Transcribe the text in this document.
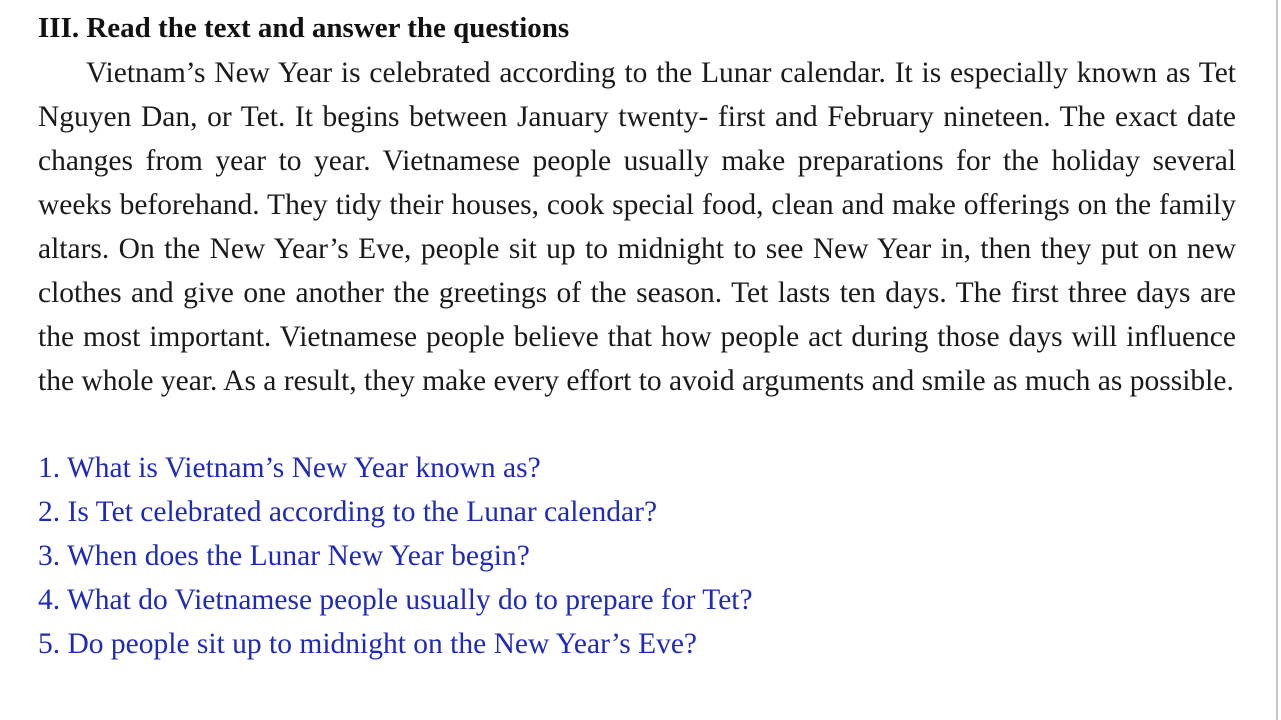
III. Read the text and answer the questions

Vietnam’s New Year is celebrated according to the Lunar calendar. It is especially known as Tet Nguyen Dan, or Tet. It begins between January twenty- first and February nineteen. The exact date changes from year to year. Vietnamese people usually make preparations for the holiday several weeks beforehand. They tidy their houses, cook special food, clean and make offerings on the family altars. On the New Year’s Eve, people sit up to midnight to see New Year in, then they put on new clothes and give one another the greetings of the season. Tet lasts ten days. The first three days are the most important. Vietnamese people believe that how people act during those days will influence the whole year. As a result, they make every effort to avoid arguments and smile as much as possible.

1. What is Vietnam’s New Year known as?
2. Is Tet celebrated according to the Lunar calendar?
3. When does the Lunar New Year begin?
4. What do Vietnamese people usually do to prepare for Tet?
5. Do people sit up to midnight on the New Year’s Eve?
